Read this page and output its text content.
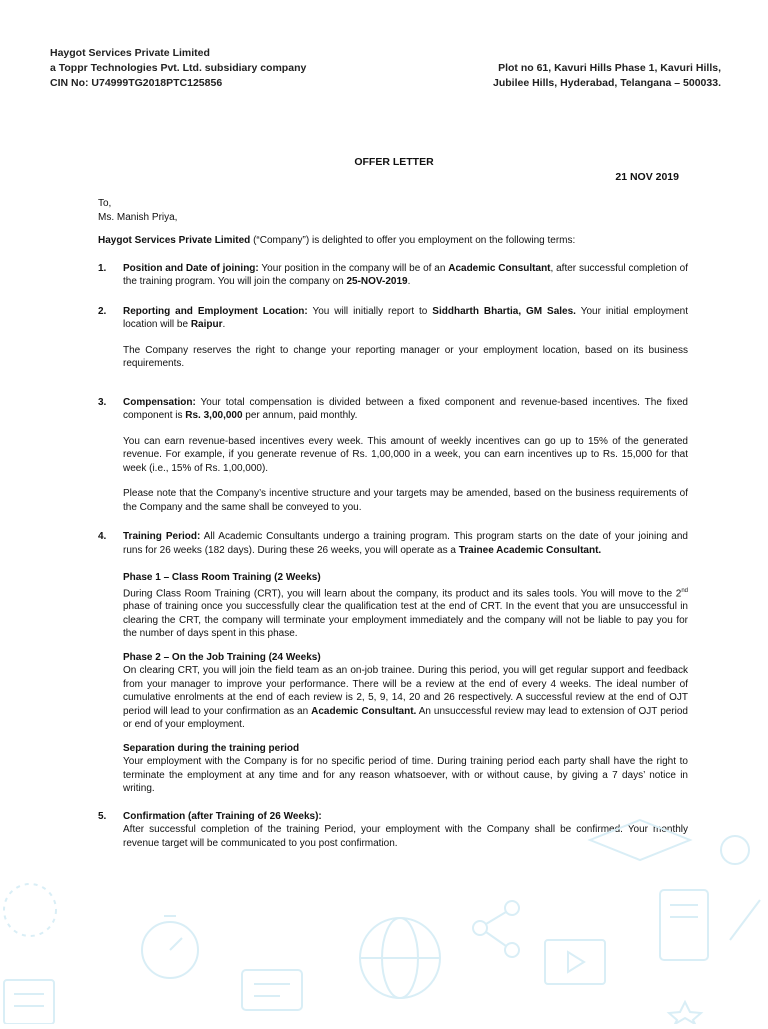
Haygot Services Private Limited
a Toppr Technologies Pvt. Ltd. subsidiary company
CIN No: U74999TG2018PTC125856
Plot no 61, Kavuri Hills Phase 1, Kavuri Hills,
Jubilee Hills, Hyderabad, Telangana – 500033.
OFFER LETTER
21 NOV 2019

To,

Ms. Manish Priya,

Haygot Services Private Limited (“Company”) is delighted to offer you employment on the following terms:

1. Position and Date of joining: Your position in the company will be of an Academic Consultant, after successful completion of the training program. You will join the company on 25-NOV-2019.

2. Reporting and Employment Location: You will initially report to Siddharth Bhartia, GM Sales. Your initial employment location will be Raipur.

The Company reserves the right to change your reporting manager or your employment location, based on its business requirements.

3. Compensation: Your total compensation is divided between a fixed component and revenue-based incentives. The fixed component is Rs. 3,00,000 per annum, paid monthly.

You can earn revenue-based incentives every week. This amount of weekly incentives can go up to 15% of the generated revenue. For example, if you generate revenue of Rs. 1,00,000 in a week, you can earn incentives up to Rs. 15,000 for that week (i.e., 15% of Rs. 1,00,000).

Please note that the Company’s incentive structure and your targets may be amended, based on the business requirements of the Company and the same shall be conveyed to you.

4. Training Period: All Academic Consultants undergo a training program. This program starts on the date of your joining and runs for 26 weeks (182 days). During these 26 weeks, you will operate as a Trainee Academic Consultant.

Phase 1 – Class Room Training (2 Weeks)

During Class Room Training (CRT), you will learn about the company, its product and its sales tools. You will move to the 2nd phase of training once you successfully clear the qualification test at the end of CRT. In the event that you are unsuccessful in clearing the CRT, the company will terminate your employment immediately and the company will not be liable to pay you for the number of days spent in this phase.

Phase 2 – On the Job Training (24 Weeks)

On clearing CRT, you will join the field team as an on-job trainee. During this period, you will get regular support and feedback from your manager to improve your performance. There will be a review at the end of every 4 weeks. The ideal number of cumulative enrolments at the end of each review is 2, 5, 9, 14, 20 and 26 respectively. A successful review at the end of OJT period will lead to your confirmation as an Academic Consultant. An unsuccessful review may lead to extension of OJT period or end of your employment.

Separation during the training period

Your employment with the Company is for no specific period of time. During training period each party shall have the right to terminate the employment at any time and for any reason whatsoever, with or without cause, by giving a 7 days’ notice in writing.

5. Confirmation (after Training of 26 Weeks):

After successful completion of the training Period, your employment with the Company shall be confirmed. Your monthly revenue target will be communicated to you post confirmation.
